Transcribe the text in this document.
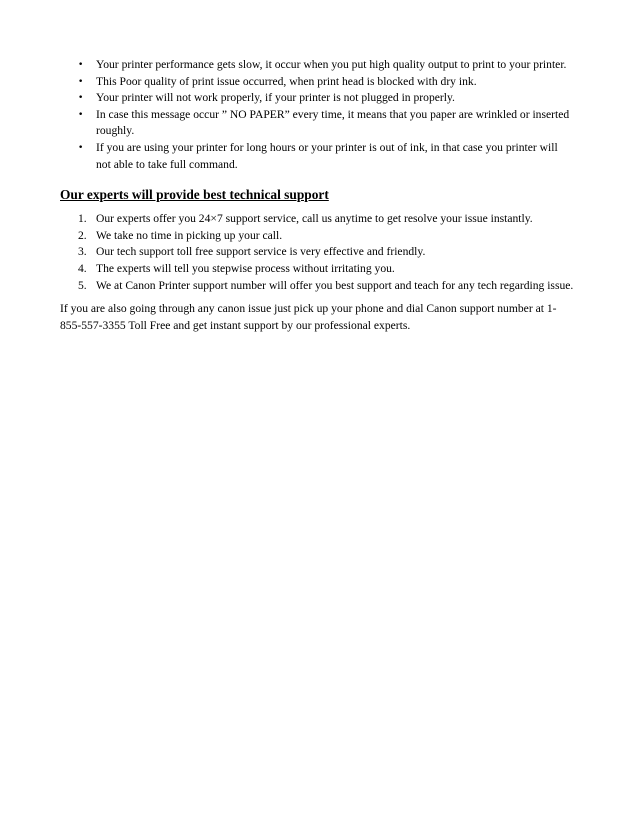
•	Your printer performance gets slow, it occur when you put high quality output to print to your printer.
•	This Poor quality of print issue occurred, when print head is blocked with dry ink.
•	Your printer will not work properly, if your printer is not plugged in properly.
•	In case this message occur ” NO PAPER” every time, it means that you paper are wrinkled or inserted roughly.
•	If you are using your printer for long hours or your printer is out of ink, in that case you printer will not able to take full command.
Our experts will provide best technical support
1. Our experts offer you 24×7 support service, call us anytime to get resolve your issue instantly.
2. We take no time in picking up your call.
3. Our tech support toll free support service is very effective and friendly.
4. The experts will tell you stepwise process without irritating you.
5. We at Canon Printer support number will offer you best support and teach for any tech regarding issue.

If you are also going through any canon issue just pick up your phone and dial Canon support number at 1-855-557-3355 Toll Free and get instant support by our professional experts.
